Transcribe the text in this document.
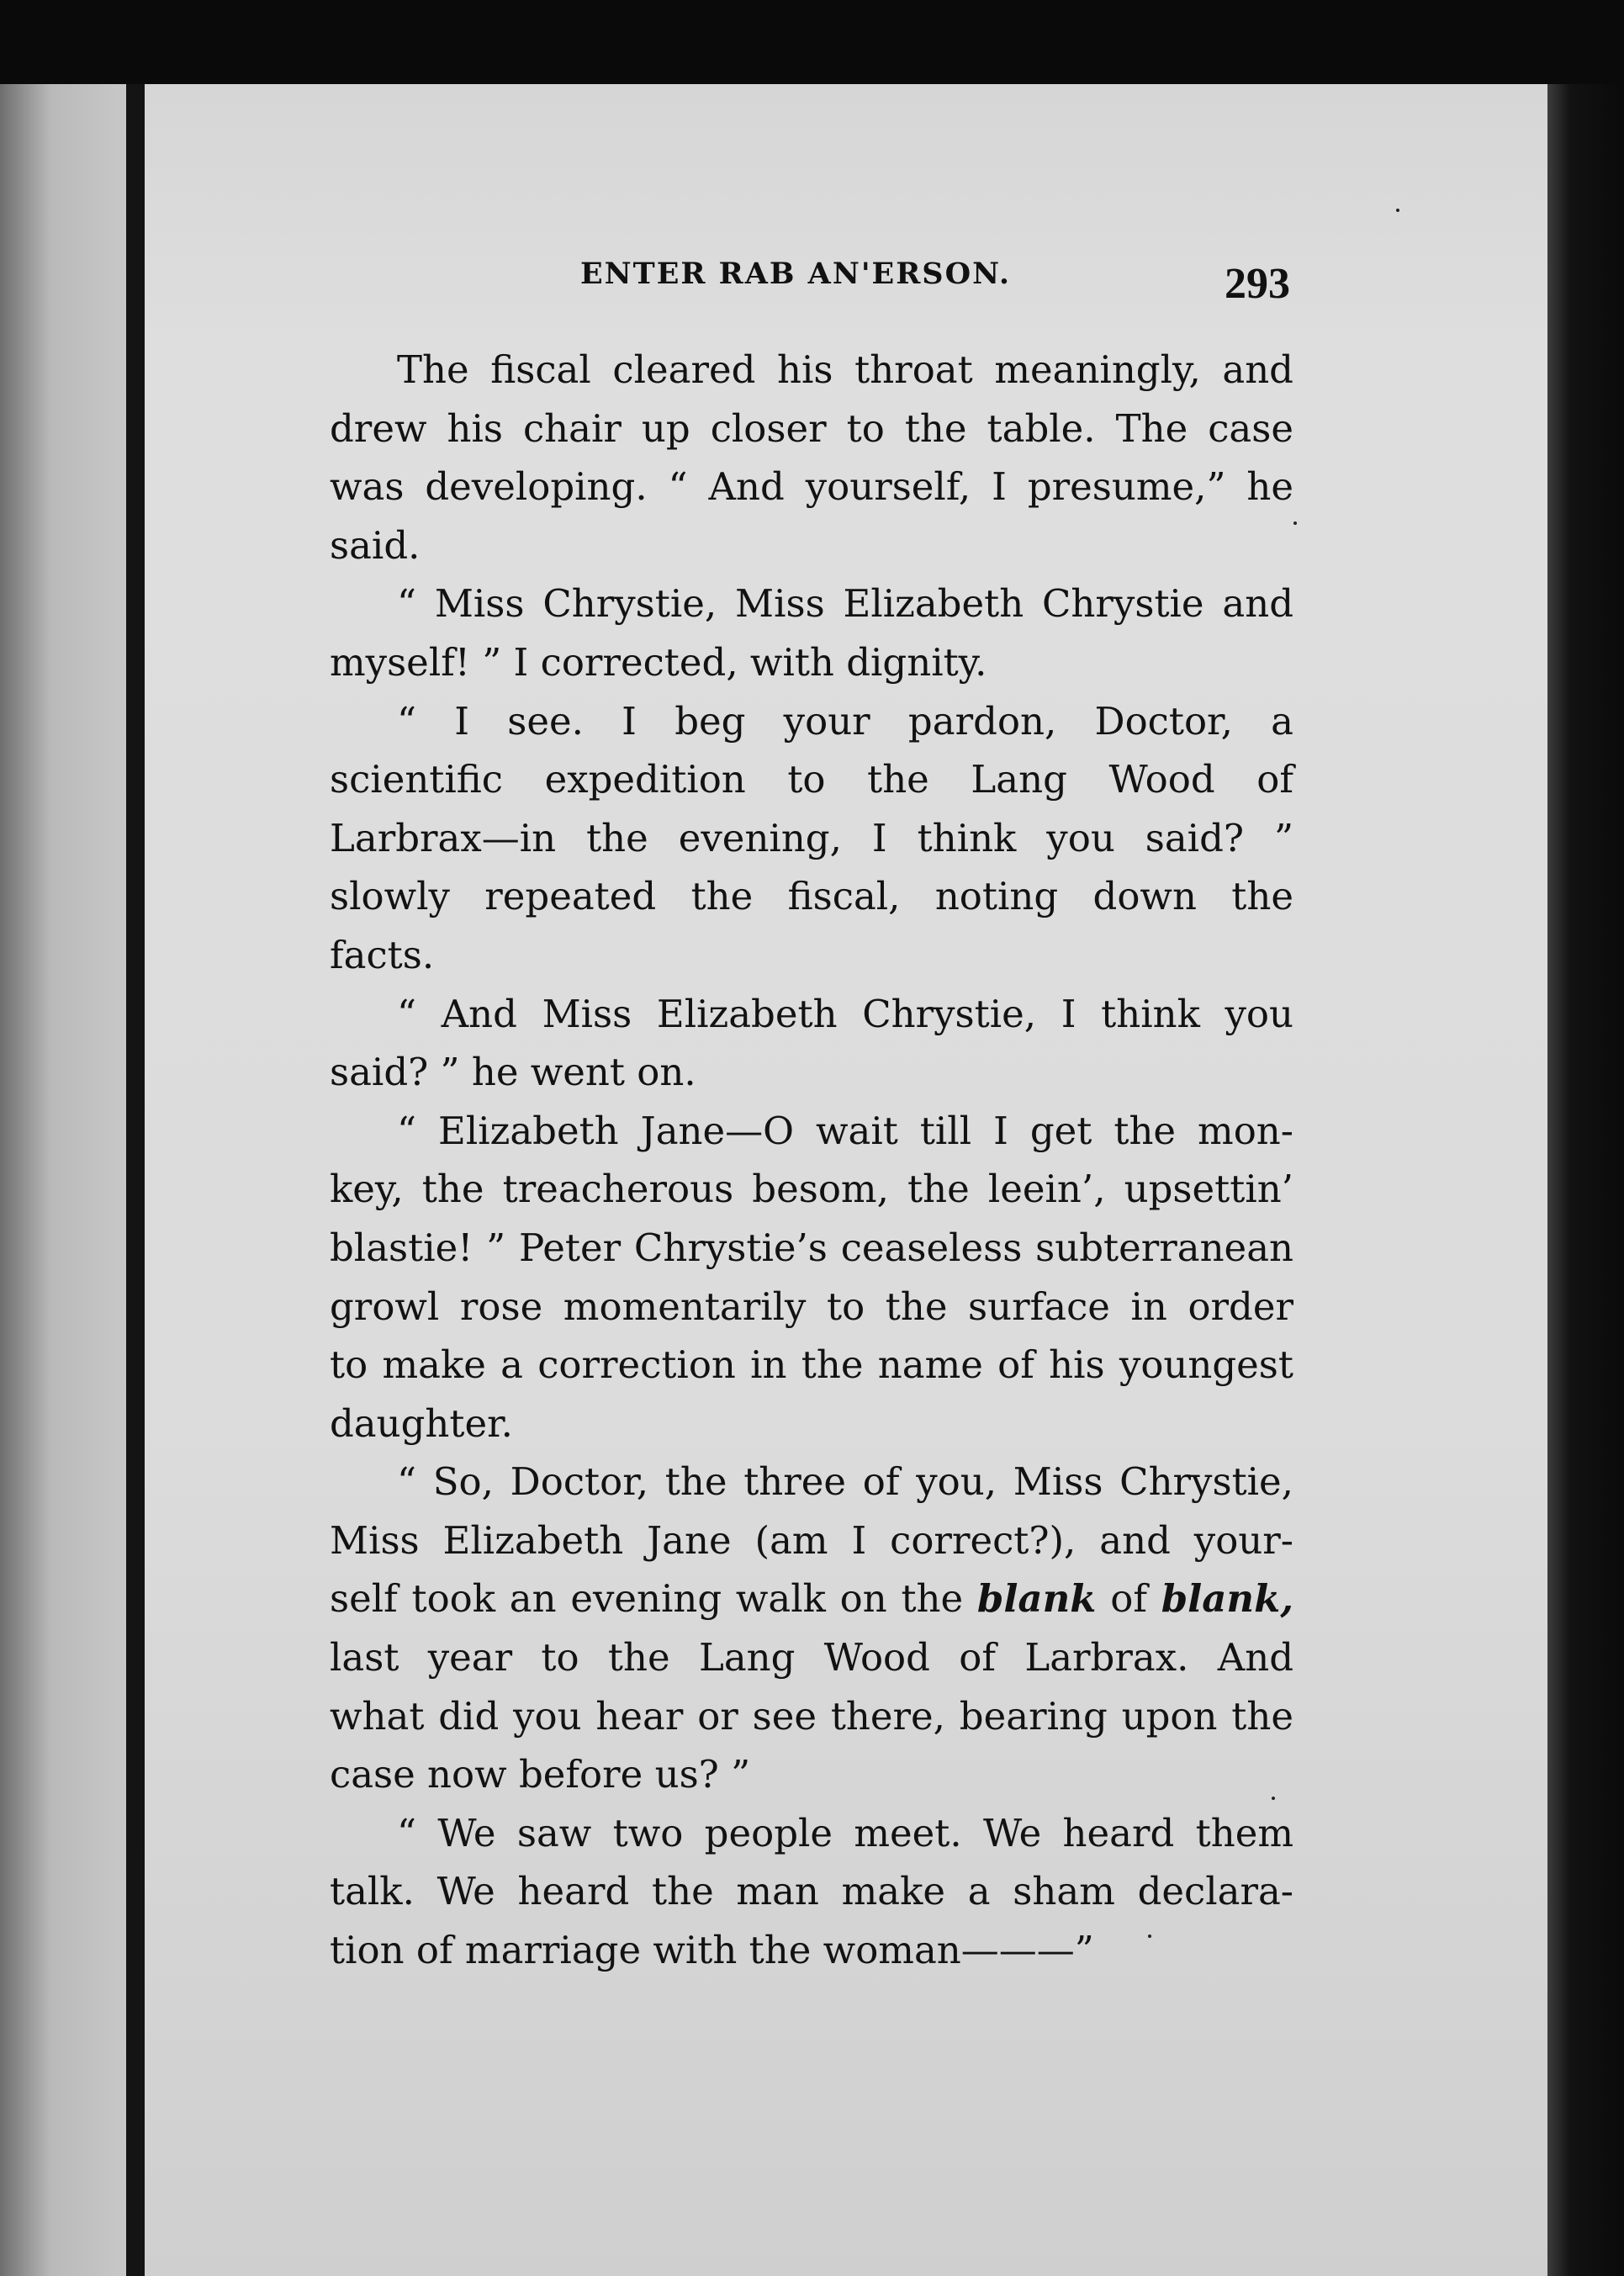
ENTER RAB AN'ERSON.	293
The fiscal cleared his throat meaningly, and
drew his chair up closer to the table. The case
was developing. “ And yourself, I presume,” he
said.
“ Miss Chrystie, Miss Elizabeth Chrystie and
myself! ” I corrected, with dignity.
“ I see. I beg your pardon, Doctor, a
scientific expedition to the Lang Wood of
Larbrax—in the evening, I think you said? ”
slowly repeated the fiscal, noting down the
facts.
“ And Miss Elizabeth Chrystie, I think you
said? ” he went on.
“ Elizabeth Jane—O wait till I get the mon-
key, the treacherous besom, the leein’, upsettin’
blastie! ” Peter Chrystie’s ceaseless subterranean
growl rose momentarily to the surface in order
to make a correction in the name of his youngest
daughter.
“ So, Doctor, the three of you, Miss Chrystie,
Miss Elizabeth Jane (am I correct?), and your-
self took an evening walk on the blank of blank,
last year to the Lang Wood of Larbrax. And
what did you hear or see there, bearing upon the
case now before us? ”
“ We saw two people meet. We heard them
talk. We heard the man make a sham declara-
tion of marriage with the woman———”
